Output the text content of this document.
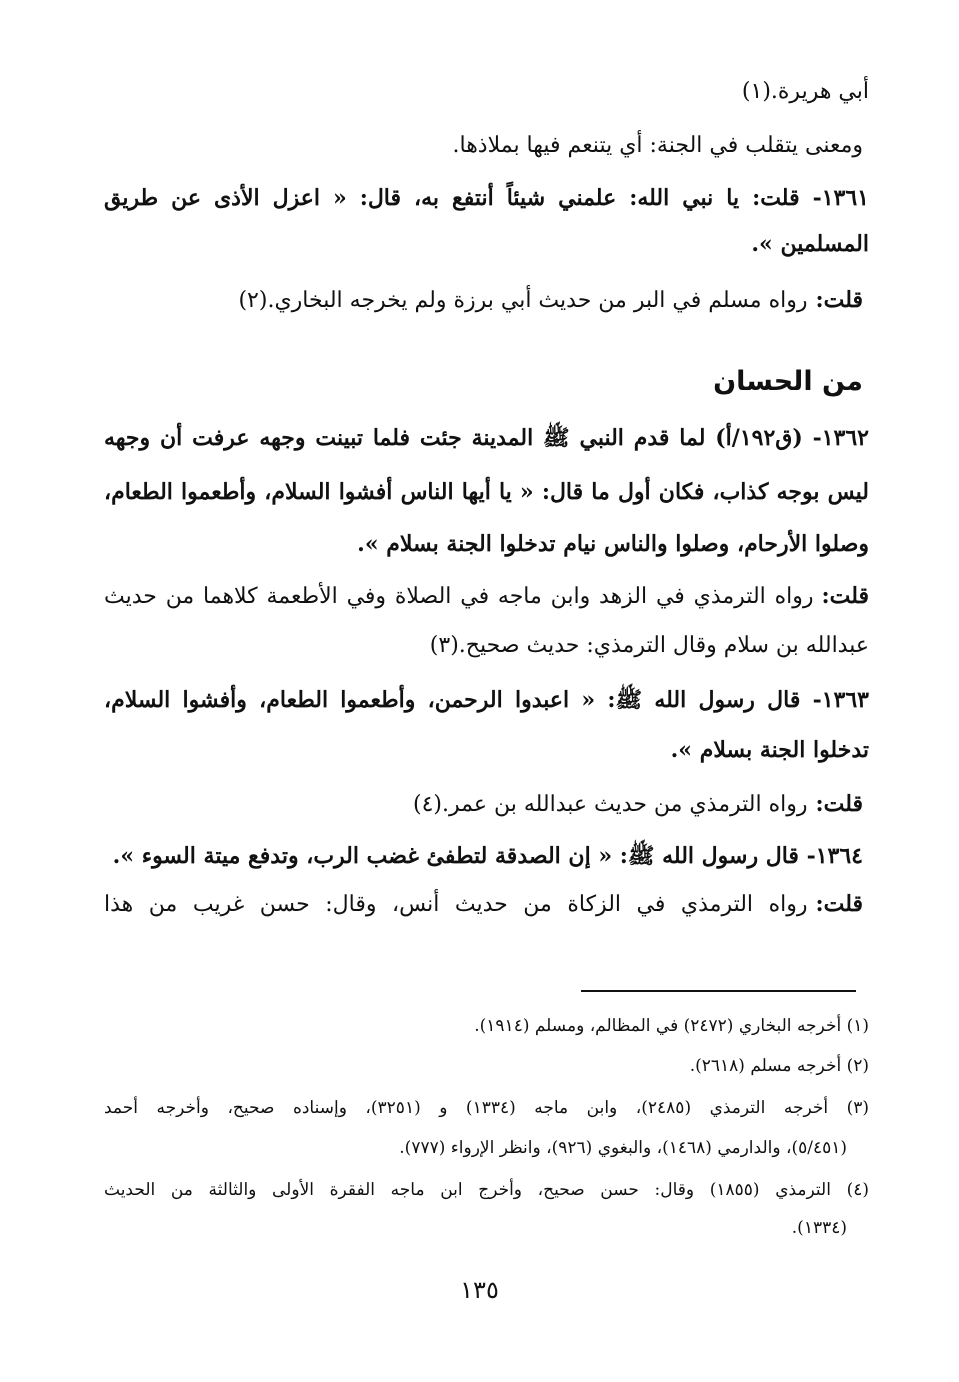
أبي هريرة.(١)
ومعنى يتقلب في الجنة: أي يتنعم فيها بملاذها.
١٣٦١- قلت: يا نبي الله: علمني شيئاً أنتفع به، قال: « اعزل الأذى عن طريق
المسلمين ».
قلت:رواه مسلم في البر من حديث أبي برزة ولم يخرجه البخاري.(٢)
من الحسان
١٣٦٢- (ق١٩٢/أ) لما قدم النبي ﷺ المدينة جئت فلما تبينت وجهه عرفت أن وجهه
ليس بوجه كذاب، فكان أول ما قال: « يا أيها الناس أفشوا السلام، وأطعموا الطعام،
وصلوا الأرحام، وصلوا والناس نيام تدخلوا الجنة بسلام ».
قلت:رواه الترمذي في الزهد وابن ماجه في الصلاة وفي الأطعمة كلاهما من حديث
عبدالله بن سلام وقال الترمذي: حديث صحيح.(٣)
١٣٦٣- قال رسول الله ﷺ: « اعبدوا الرحمن، وأطعموا الطعام، وأفشوا السلام،
تدخلوا الجنة بسلام ».
قلت:رواه الترمذي من حديث عبدالله بن عمر.(٤)
١٣٦٤- قال رسول الله ﷺ: « إن الصدقة لتطفئ غضب الرب، وتدفع ميتة السوء ».
قلت:رواه الترمذي في الزكاة من حديث أنس، وقال: حسن غريب من هذا
(١) أخرجه البخاري (٢٤٧٢) في المظالم، ومسلم (١٩١٤).
(٢) أخرجه مسلم (٢٦١٨).
(٣) أخرجه الترمذي (٢٤٨٥)، وابن ماجه (١٣٣٤) و (٣٢٥١)، وإسناده صحيح، وأخرجه أحمد
(٥/٤٥١)، والدارمي (١٤٦٨)، والبغوي (٩٢٦)، وانظر الإرواء (٧٧٧).
(٤) الترمذي (١٨٥٥) وقال: حسن صحيح، وأخرج ابن ماجه الفقرة الأولى والثالثة من الحديث
(١٣٣٤).
١٣٥
